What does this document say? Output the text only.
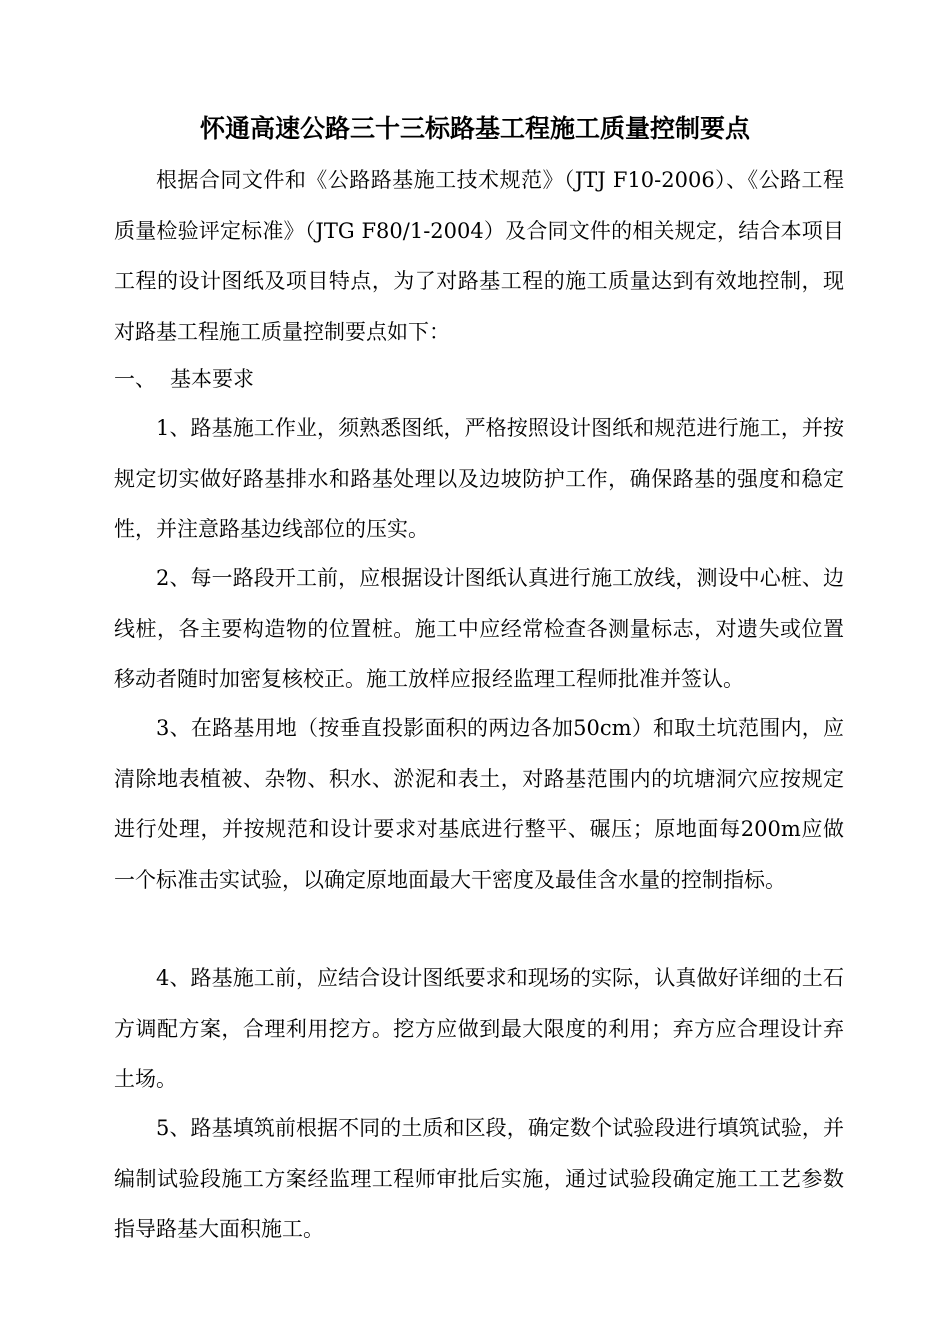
怀通高速公路三十三标路基工程施工质量控制要点

根据合同文件和《公路路基施工技术规范》（JTJ F10-2006）、《公路工程质量检验评定标准》（JTG F80/1-2004）及合同文件的相关规定，结合本项目工程的设计图纸及项目特点，为了对路基工程的施工质量达到有效地控制，现对路基工程施工质量控制要点如下：

一、 基本要求

1、路基施工作业，须熟悉图纸，严格按照设计图纸和规范进行施工，并按规定切实做好路基排水和路基处理以及边坡防护工作，确保路基的强度和稳定性，并注意路基边线部位的压实。

2、每一路段开工前，应根据设计图纸认真进行施工放线，测设中心桩、边线桩，各主要构造物的位置桩。施工中应经常检查各测量标志，对遗失或位置移动者随时加密复核校正。施工放样应报经监理工程师批准并签认。

3、在路基用地（按垂直投影面积的两边各加50cm）和取土坑范围内，应清除地表植被、杂物、积水、淤泥和表土，对路基范围内的坑塘洞穴应按规定进行处理，并按规范和设计要求对基底进行整平、碾压；原地面每200m应做一个标准击实试验，以确定原地面最大干密度及最佳含水量的控制指标。

4、路基施工前，应结合设计图纸要求和现场的实际，认真做好详细的土石方调配方案，合理利用挖方。挖方应做到最大限度的利用；弃方应合理设计弃土场。

5、路基填筑前根据不同的土质和区段，确定数个试验段进行填筑试验，并编制试验段施工方案经监理工程师审批后实施，通过试验段确定施工工艺参数指导路基大面积施工。
